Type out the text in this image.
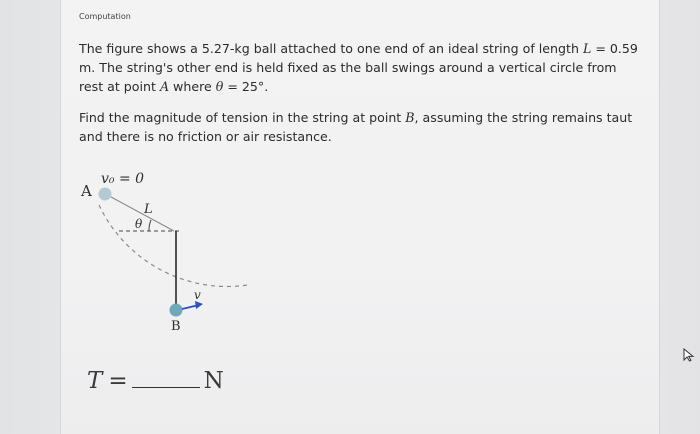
Computation

The figure shows a 5.27-kg ball attached to one end of an ideal string of length L = 0.59 m. The string's other end is held fixed as the ball swings around a vertical circle from rest at point A where θ = 25°.

Find the magnitude of tension in the string at point B, assuming the string remains taut and there is no friction or air resistance.

v₀ = 0
A
L
θ
v
B
T =	N
